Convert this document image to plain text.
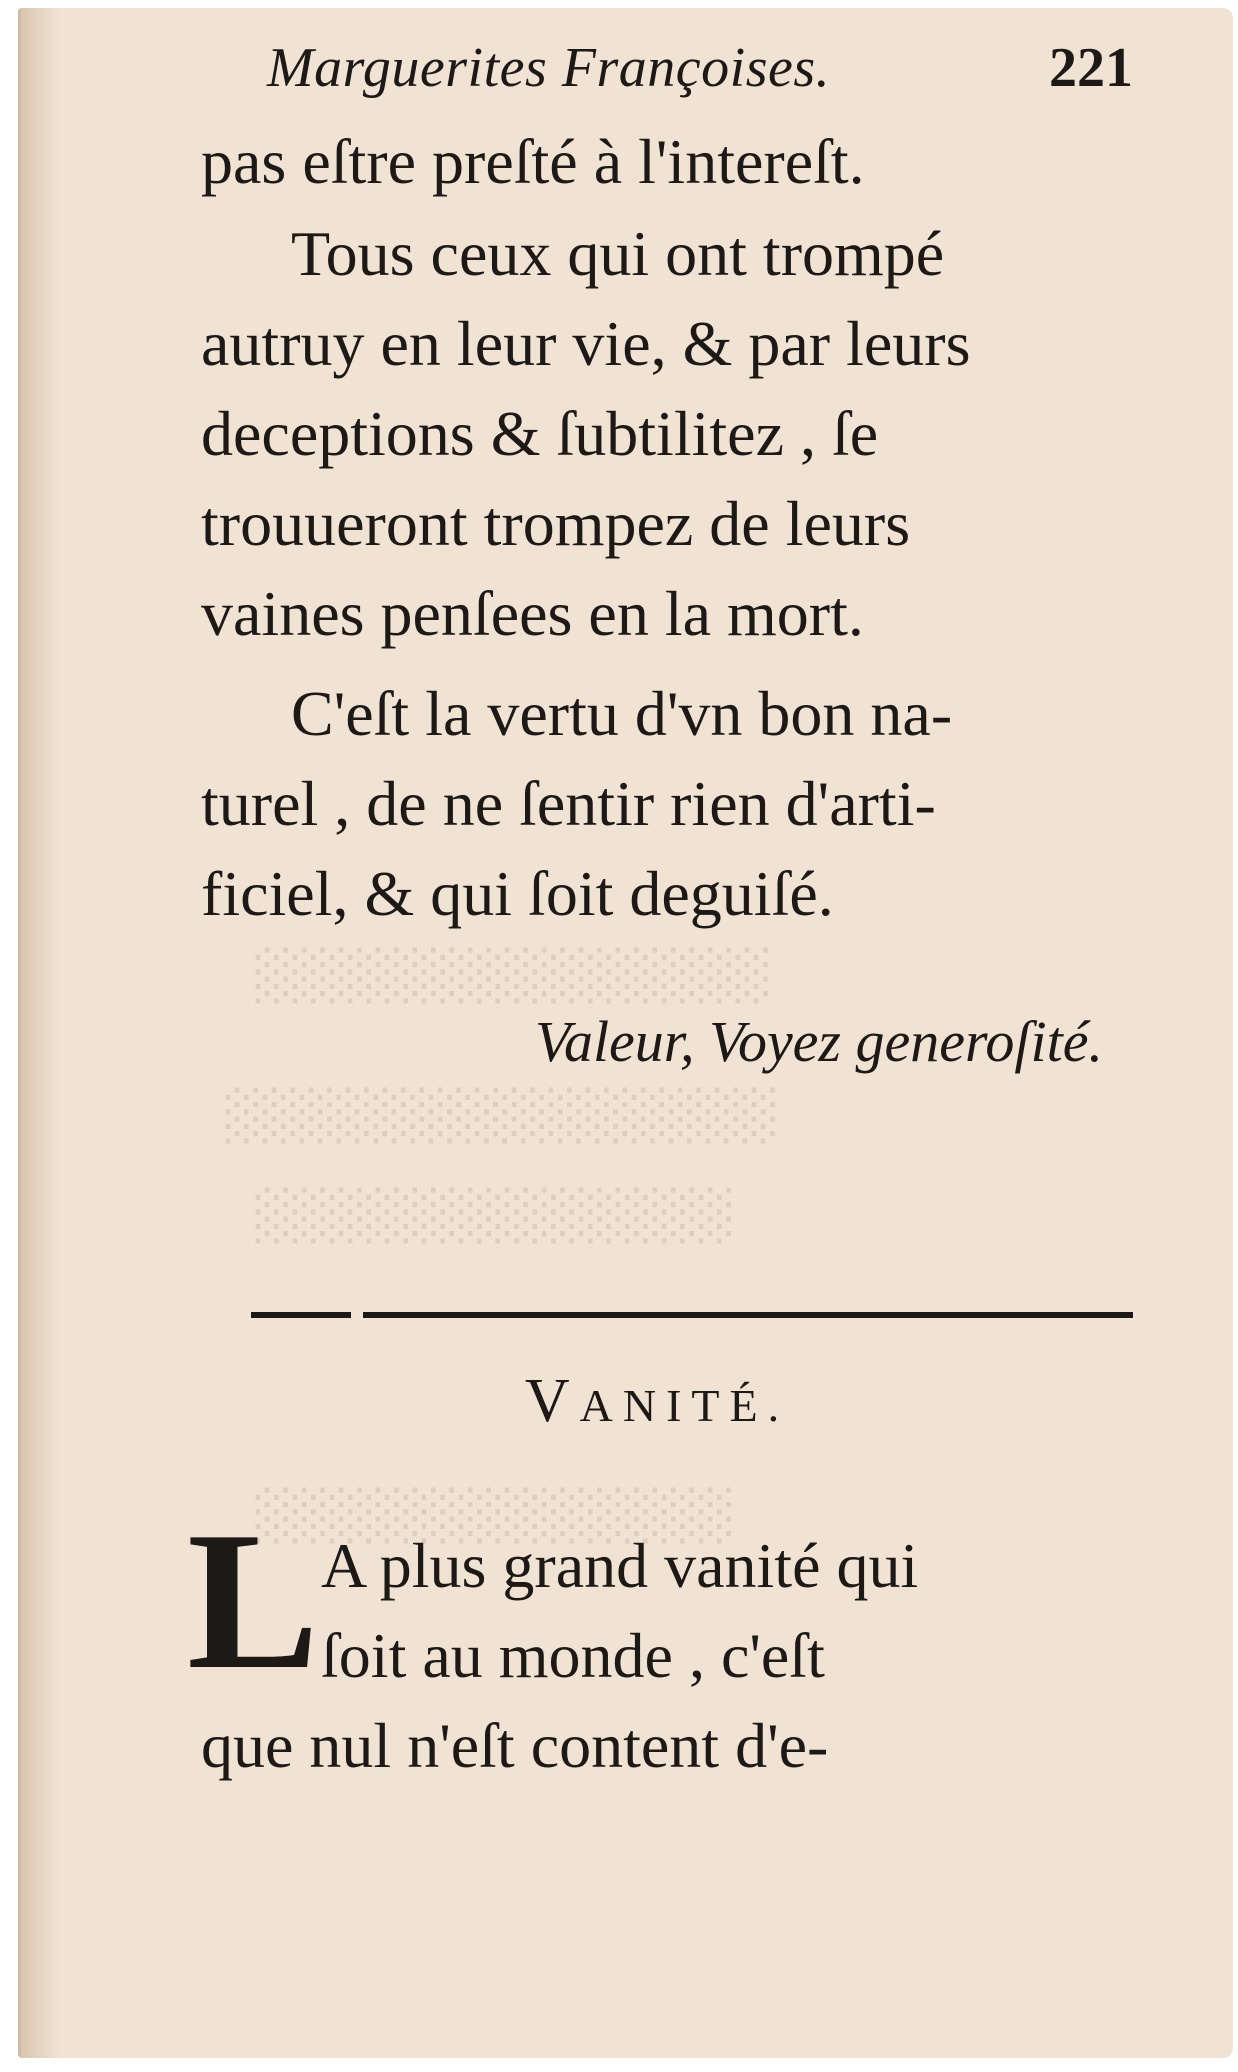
░░░░░░░░░░░░░░
░░░░░░░░░░░░░░░
░░░░░░░░░░░░░
░░░░░░░░░░░░░
Marguerites Françoises.	221
pas eſtre preſté à l'intereſt.
Tous ceux qui ont trompé
autruy en leur vie, & par leurs
deceptions & ſubtilitez , ſe
trouueront trompez de leurs
vaines penſees en la mort.
C'eſt la vertu d'vn bon na-
turel , de ne ſentir rien d'arti-
ficiel, & qui ſoit deguiſé.
Valeur, Voyez generoſité.
VANITÉ.
L A plus grand vanité qui
ſoit au monde , c'eſt
que nul n'eſt content d'e-
